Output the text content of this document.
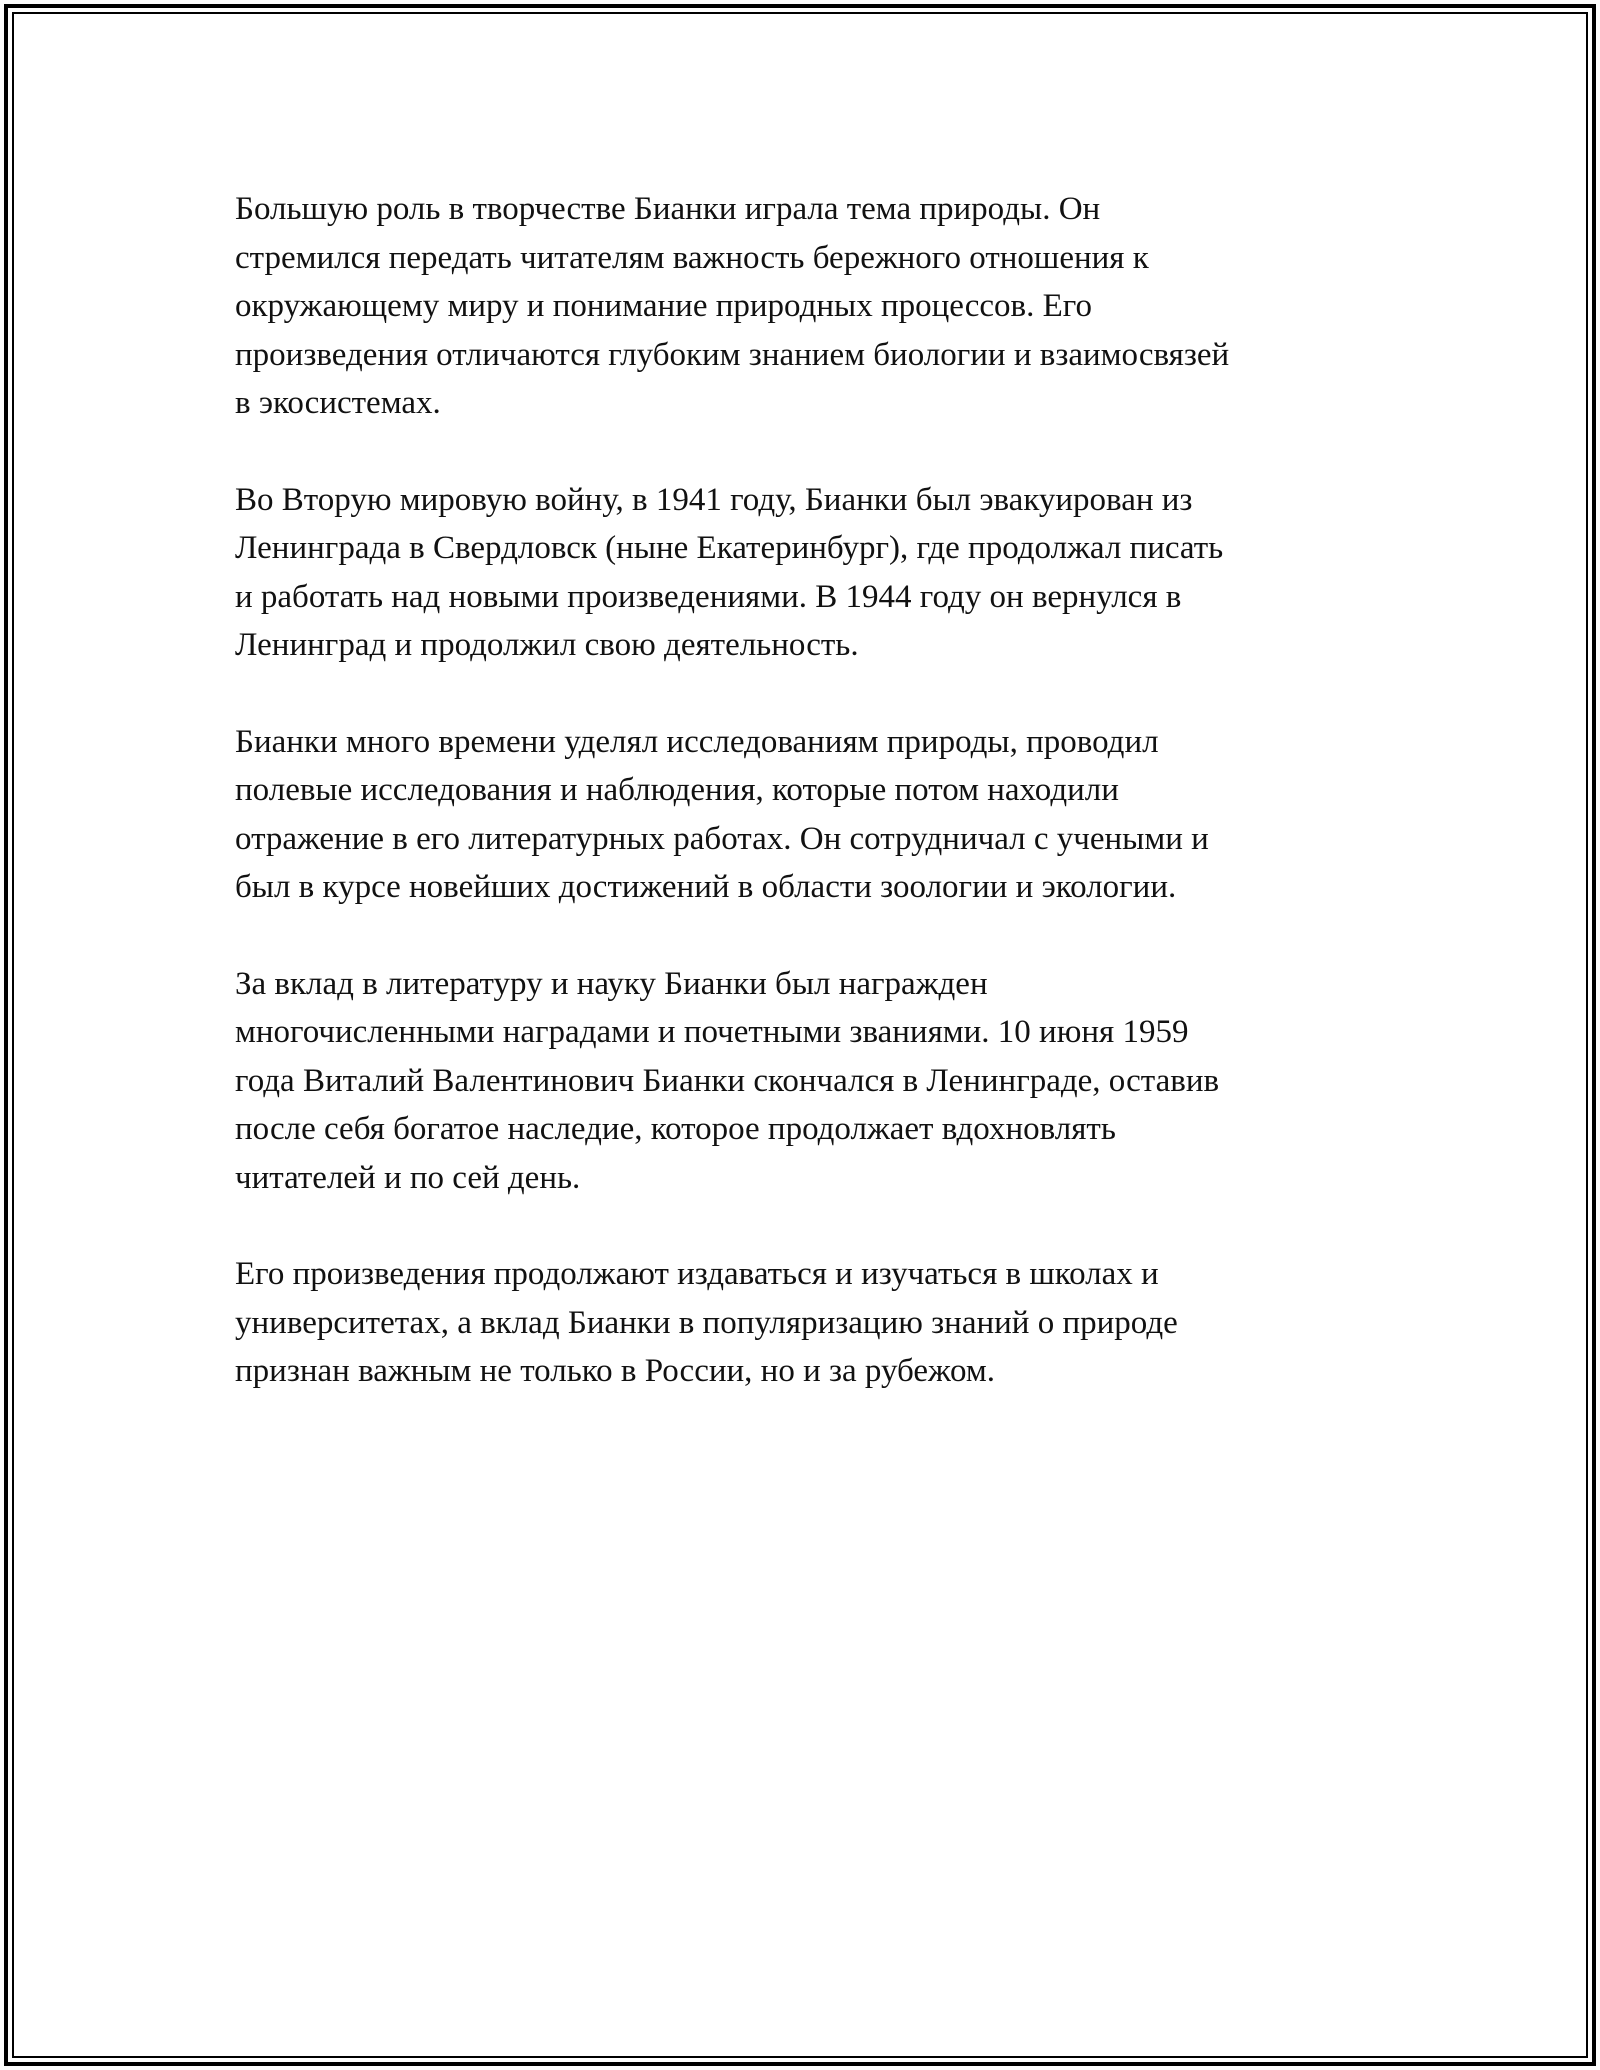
Большую роль в творчестве Бианки играла тема природы. Он
стремился передать читателям важность бережного отношения к
окружающему миру и понимание природных процессов. Его
произведения отличаются глубоким знанием биологии и взаимосвязей
в экосистемах.

Во Вторую мировую войну, в 1941 году, Бианки был эвакуирован из
Ленинграда в Свердловск (ныне Екатеринбург), где продолжал писать
и работать над новыми произведениями. В 1944 году он вернулся в
Ленинград и продолжил свою деятельность.

Бианки много времени уделял исследованиям природы, проводил
полевые исследования и наблюдения, которые потом находили
отражение в его литературных работах. Он сотрудничал с учеными и
был в курсе новейших достижений в области зоологии и экологии.

За вклад в литературу и науку Бианки был награжден
многочисленными наградами и почетными званиями. 10 июня 1959
года Виталий Валентинович Бианки скончался в Ленинграде, оставив
после себя богатое наследие, которое продолжает вдохновлять
читателей и по сей день.

Его произведения продолжают издаваться и изучаться в школах и
университетах, а вклад Бианки в популяризацию знаний о природе
признан важным не только в России, но и за рубежом.
